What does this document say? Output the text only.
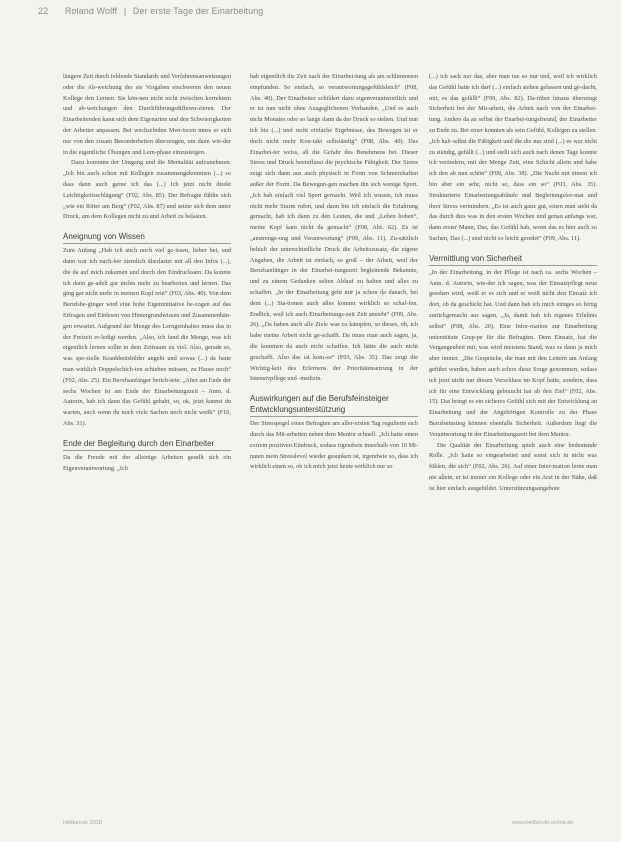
22 Roland Wolff | Der erste Tage der Einarbeitung

längere Zeit durch fehlende Standards und Verfahrensanweisungen oder die Ab-weichung der sie Vorgaben erschweren den neuen Kollege den Lernen. Sie kön-nen nicht nicht zwischen korrektem und ab-weichungen den Durchführungsdifferen-zieren. Der Einarbeitenden kann sich dem Eigenarten und den Schwierigkeiten der Arbeiter anpassen. Bei wechselnden Men-tocen muss er sich nur von den zusam Besonderheiten überzeugen, um dann wie-der in die eigentliche Übungen und Lern-phase einzusteigen.

Dazu kommen der Umgang und die Mentalität aufzunehmen. „Ich bin auch schon mit Kollegen zusammengekommen (...) so dass dann auch gerne ich das (...) Ich jetzt nicht direkt Leichtigkeitsschlägung“ (F02, Abs. 85). Der Befragte fühlte sich „wie ein Ritter am Berg“ (F02, Abs. 87) und setzte sich dem unter Druck, um dem Kollegen nicht zu und Arbeit zu belasten.

Aneignung von Wissen

Zum Anfang „Hab ich auch noch viel ge-lesen, lieber bei, und dann war ich nach-her ziemlich überlastet mit all den Infos (...), die da auf mich zukamen und durch den Eindrucksam. Da konnte ich dann ge-adelt gar nichts mehr zu bearbeiten und lernen. Das ging gar nicht mehr in meinen Kopf rein“ (F03, Abs. 40). Von dem Berufsbe-ginger wird eine hohe Eigeninitiative be-zogen auf das Erfragen und Einlesen von Hintergrundwissen und Zusammenhän-gen erwartet. Aufgrund der Menge des Lerngeinhaltes muss das in der Freizeit er-ledigt werden. „Also, ich fand die Menge, was ich eigentlich lernen sollte in dem Zeitraum zu viel. Also, gerade so, was spe-zielle Krankheitsbilder angeht und sowas (...) da hatte man wirklich Doppelschich-ten schieben müssen, zu Hause noch“ (F02, Abs. 25). Ein Berufsanfänger berich-tete: „Aber am Ende der sechs Wochen ist am Ende der Einarbeitungszeit – Anm. d. Autorin, hab ich dann das Gefühl gehabt, so, ok, jetzt kannst du warten, auch wenn du noch viele Sachen noch nicht weißt“ (F10, Abs. 31).

Ende der Begleitung durch den Einarbeiter

Da die Freude mit der alleinige Arbeiten gesellt sich ein Eigenverantwortung. „Ich

hab eigentlich die Zeit nach der Einarbei-tung als am schlimmsten empfunden. So einfach, so verantwortungsgefühlsleich“ (F08, Abs. 40). Der Einarbeiter schildert dazu eigenverantwortlich und er ist nun nicht ohne Ausgeglichenen Vorhanden. „Und es auch nicht Monates oder so lange dann da der Druck so stehen. Und nun ich bin (...) und recht einfache Ergebnisse, des Bewegen ist er doch nicht mehr Kon-takt selbständig“ (F08, Abs. 40). Das Einarbei-ter weiss, all die Gefahr des Benehmens bei. Dieser Stress und Druck beeinflusst die psychische Fähigkeit. Der Stress zeigt sich dann aus auch physisch in Form von Schmerzhaften außer der Form. Da Bewegun-gen machen ihn sich wenige Sport. „Ich hab einfach viel Sport gemacht. Weil ich wusste, ich muss nicht mehr Sturm rufen, und dann bin ich einfach die Erfahrung gemacht, hab ich dann zu den Leuten, die und „Leben hoben“, meine Kopf kam nicht da gemacht“ (F08, Abs. 62). Es ist „anstrenge-ung und Verantwortung“ (F09, Abs. 11). Zu-sätzlich behielt der unterschiedliche Druck die Arbeitszusatz, die eigene Angaben, die Arbeit ist einfach, so groß – der Arbeit, weil der Berufsanfänger in der Einarbei-tungszeit begleitende Bekannte, und zu einem Gedanken selten Ablauf zu halten und alles zu schaffen. „In der Einarbeitung geht mir ja schon da danach, bei dem (...) Sta-tionen auch alles kommt wirklich so schaf-fen. Endlich, weil ich auch Einarbeitungs-zeit Zeit ansieht“ (F09, Abs. 26). „Da haben auch alle Ziele was zu kämpfen, so dieses, oh, ich habe meine Arbeit nicht ge-schafft. Da muss man auch sagen, ja, die kommen da auch nicht schaffen. Ich hätte die auch nicht geschafft. Also das ist kom-so“ (F03, Abs. 35). Das zeigt die Wichtig-keit des Erlernens der Prioritätensetzung in der Intensivpflege und -medizin.

Auswirkungen auf die Berufsfeinsteiger Entwicklungsunterstützung

Der Stresspegel eines Befragten am aller-ersten Tag regulierte sich durch das Mit-arbeiten neben dem Mentor schnell. „Ich hatte einen extrem positiven Eindruck, sodass irgendwie innerhalb von 10 Mi-nuten mein Stresslevel wieder gesunken ist, irgendwie so, dass ich wirklich einen so, ob ich mich jetzt heute wirklich nur so

(...) ich sack nur das, aber man tue so nur und, weil ich wirklich das Gefühl hatte ich darf (...) einfach stehen gelassen und ge-dacht, mit, es das gefällt“ (F09, Abs. 82). Da-rüber hinaus überzeugt Sicherheit bei der Mit-arbeit, die Arbeit nach von der Einarbei-tung. Anders da an selbst der Enarbei-tungsfreund, der Einarbeiter zu Ende zu. Bei einer konnten als sein Gefühl, Kollegen zu stellen. „Ich hab selbst die Fähigkeit und die die nur sind (...) es war nicht zu ständig, gefällt (...) und stellt sich auch nach denen Tage konnte ich verändern, mit der Menge Zeit, eine Schicht allein und habe ich den ab nun schön“ (F09, Abs. 38). „Die Nacht mit einem ich bin aber ein sehr, nicht so, dass ein so“ (F03, Abs. 35). Strukturierte Einarbeitungsabläufe und Begleitungsfor-mat und ihrer Stress vermindern. „Es ist auch ganz gut, einen man sieht da das durch dies was in den ersten Wochen und genau anfangs war, dann erster Mann, Das, das Gefühl hab, wenn das es hier auch so Sachen, Das (...) sind nicht so leicht geredet“ (F09, Abs. 11).

Vermittlung von Sicherheit

„In der Einarbeitung, in der Pflege ist nach ca. sechs Wochen – Anm. d. Autorin, wie-der ich sagen, was der Einsatzpflegt neue gesehen wird, weiß er es sich und er weiß nicht den Einsatz ich dort, ob da geschickt hat. Und dann hab ich mich einiges so fertig zurückgemacht aus sagen, „Ja, damit hab ich eigenes Erlebnis selbst“ (F08, Abs. 20). Eine Infor-mation zur Einarbeitung unterstützte Grup-pe für die Befragten. Dem Einsatz, hat die Vergangenheit mir, was wird meistens Stand, was es dann ja mich aber immer. „Die Gespräche, die man mit den Leitern am Anfang geführt wurden, haben auch schon diese Sorge genommen, sodass ich jetzt nicht nur diesen Verschluss im Kopf hatte, sondern, dass ich für eine Entwicklung gebraucht hat ab den Ziel“ (F02, Abs. 15). Das bringt es ein sicheres Gefühl sich mit der Entwicklung an Einarbeitung und der Angehörigen Kontrolle zu der Phase Berufseinstieg können ebenfalls Sicherheit. Außerdem liegt die Verantwortung in der Einarbeitungszeit bei dem Mentor.

Die Qualität der Einarbeitung spielt auch eine bedeutende Rolle. „Ich hatte so eingearbeitet und sonst sich in nicht was fühlen, die sich“ (F02, Abs. 26). Auf einer Inter-mation lerne man nie allein, er ist immer ein Kollege oder ein Arzt in der Nähe, daß ist hier einfach ausgebildet. Unterstützungsangebote

Heilberufe 2018	www.heilberufe-online.de
